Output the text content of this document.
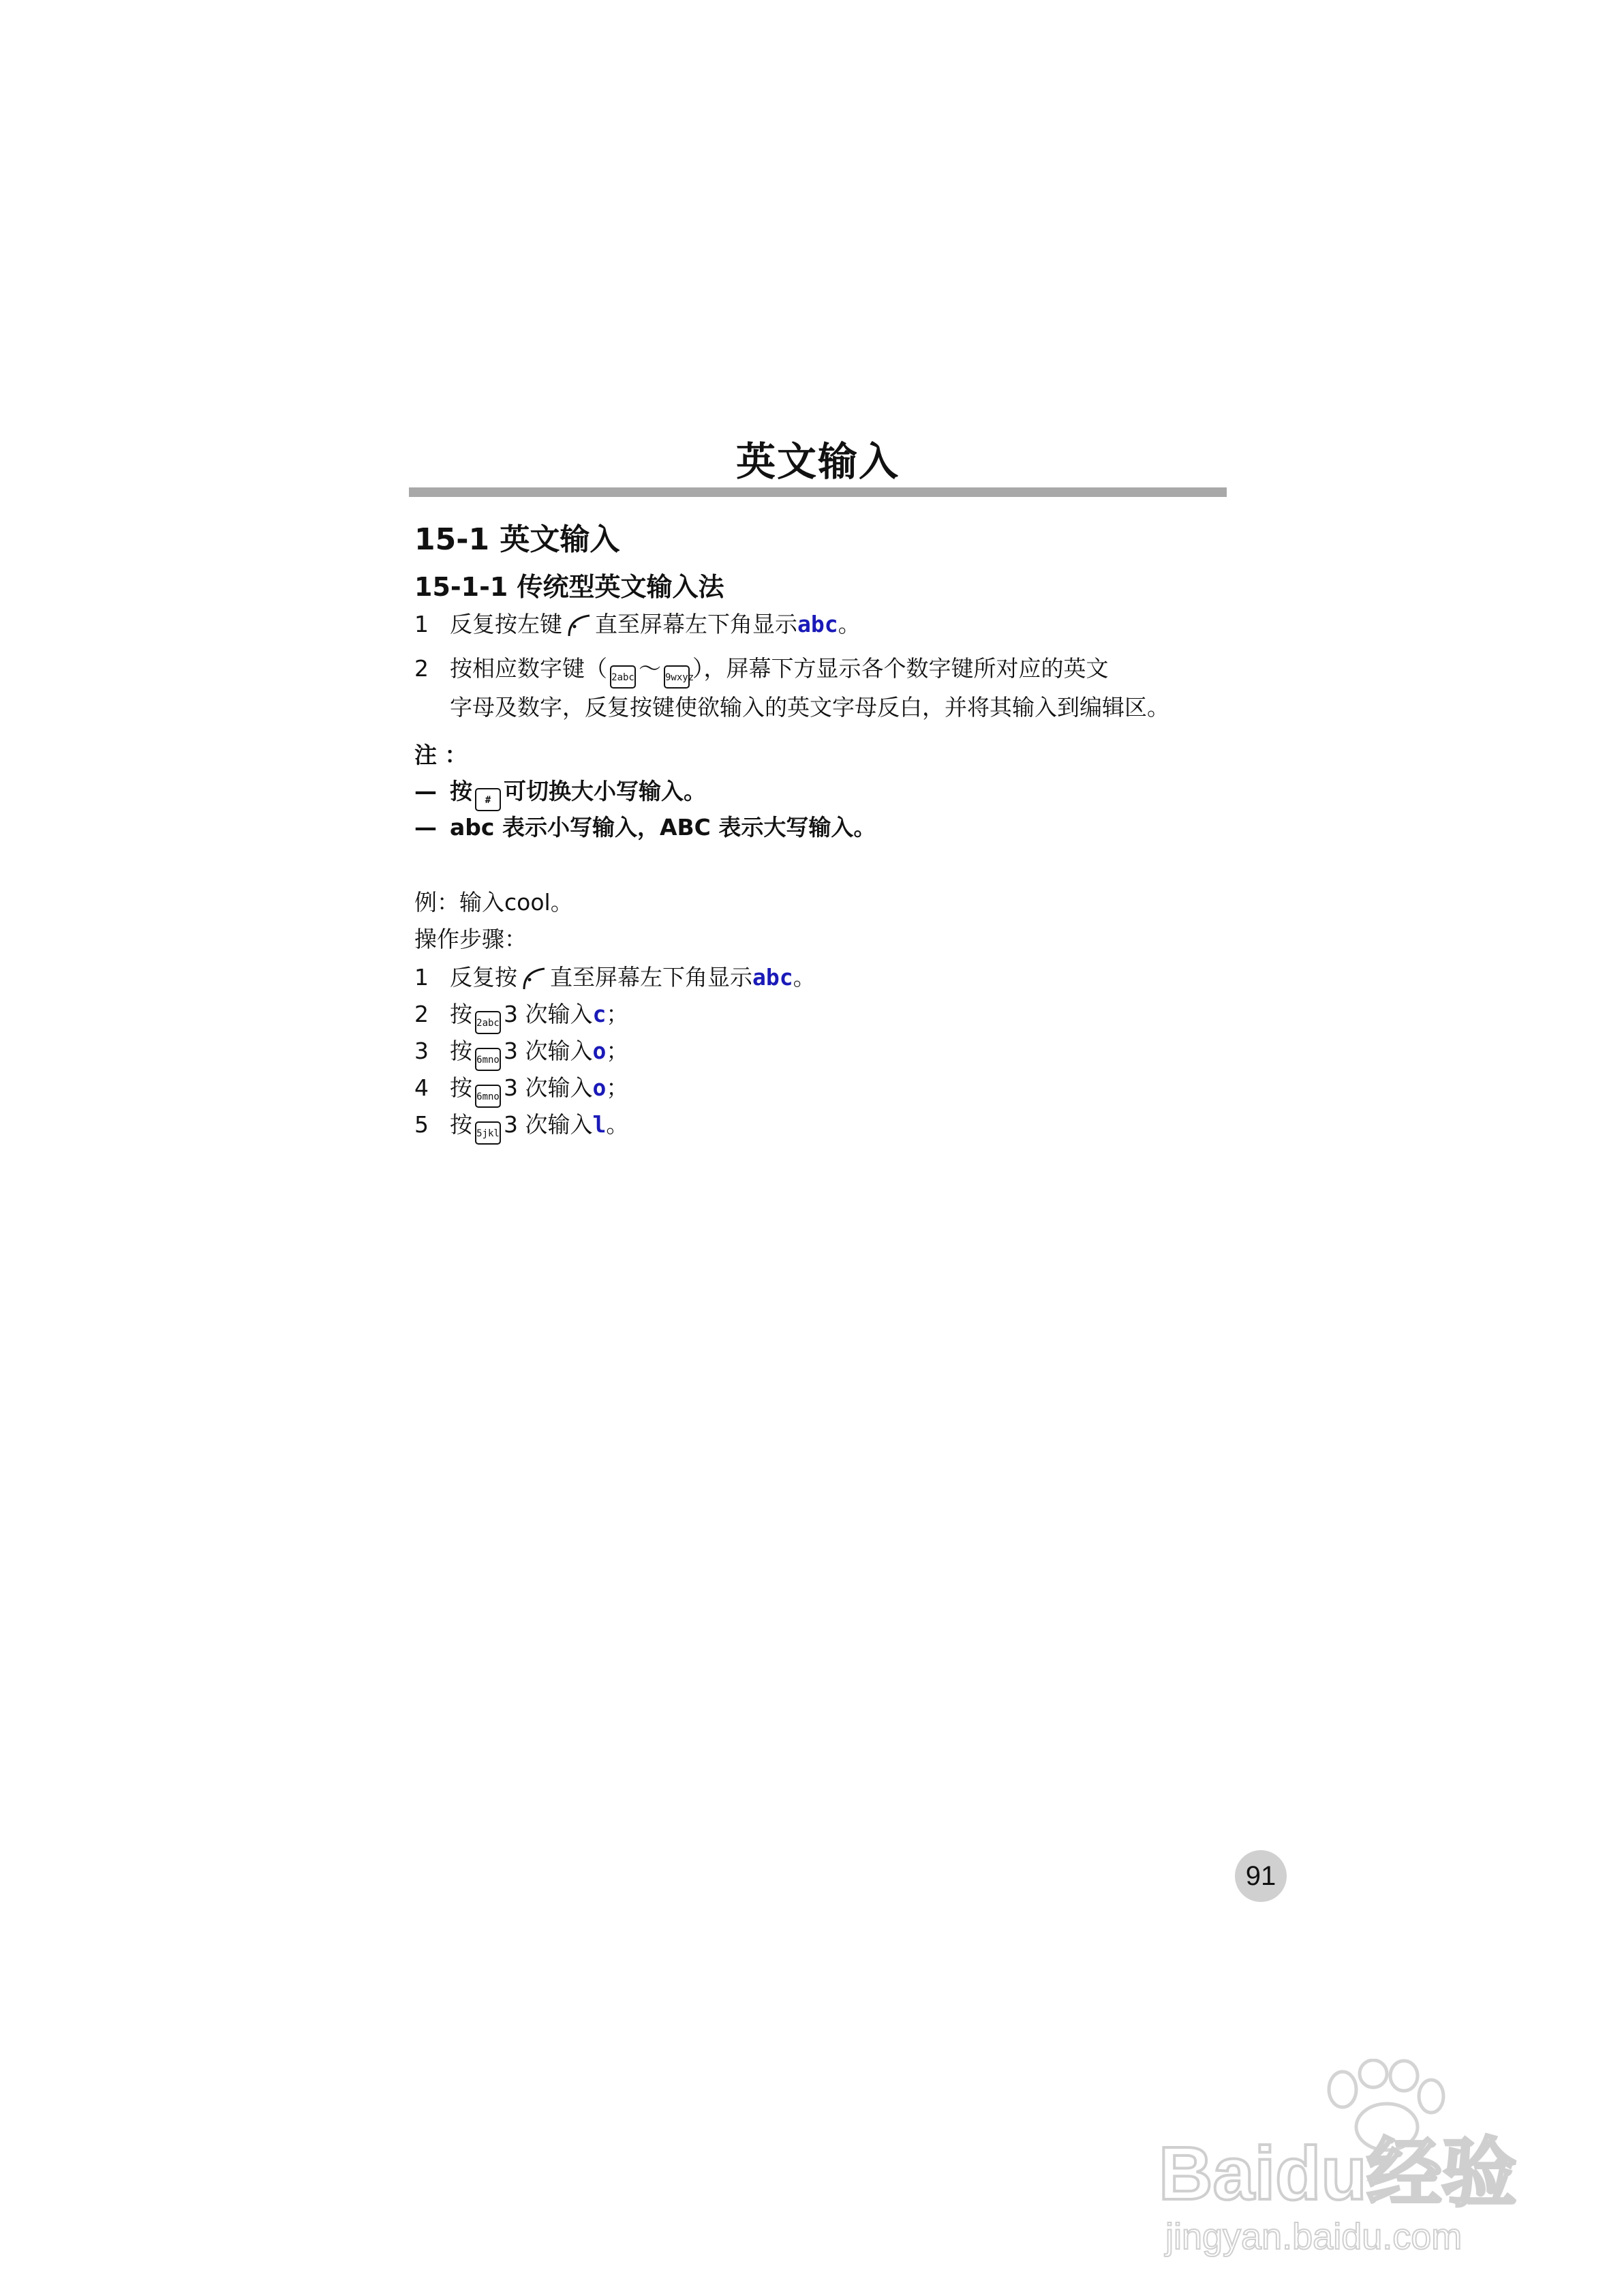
英文输入
15-1 英文输入
15-1-1 传统型英文输入法
1 反复按左键 直至屏幕左下角显示abc。
2 按相应数字键（ 2abc ～ 9wxyz），屏幕下方显示各个数字键所对应的英文
字母及数字，反复按键使欲输入的英文字母反白，并将其输入到编辑区。
注 ：
— 按 # 可切换大小写输入。
— abc 表示小写输入，ABC 表示大写输入。
例：输入cool。
操作步骤：
1 反复按 直至屏幕左下角显示abc。
2 按 2abc 3 次输入c；
3 按 6mno 3 次输入o；
4 按 6mno 3 次输入o；
5 按 5jkl 3 次输入l。
91
Baidu经验
jingyan.baidu.com
